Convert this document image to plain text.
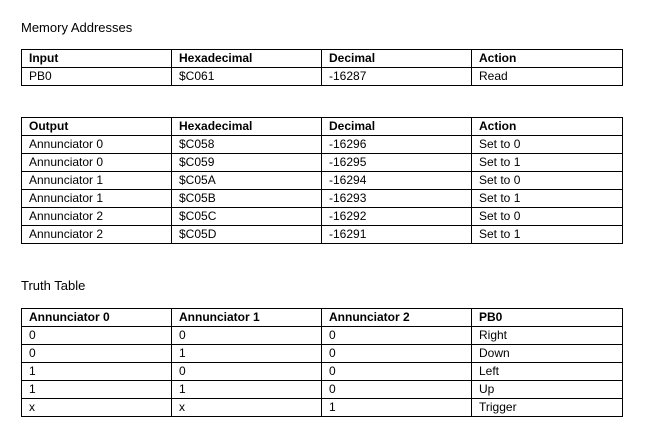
Memory Addresses
Input	Hexadecimal	Decimal	Action
PB0	$C061	-16287	Read
Output	Hexadecimal	Decimal	Action
Annunciator 0	$C058	-16296	Set to 0
Annunciator 0	$C059	-16295	Set to 1
Annunciator 1	$C05A	-16294	Set to 0
Annunciator 1	$C05B	-16293	Set to 1
Annunciator 2	$C05C	-16292	Set to 0
Annunciator 2	$C05D	-16291	Set to 1
Truth Table
Annunciator 0	Annunciator 1	Annunciator 2	PB0
0	0	0	Right
0	1	0	Down
1	0	0	Left
1	1	0	Up
x	x	1	Trigger
